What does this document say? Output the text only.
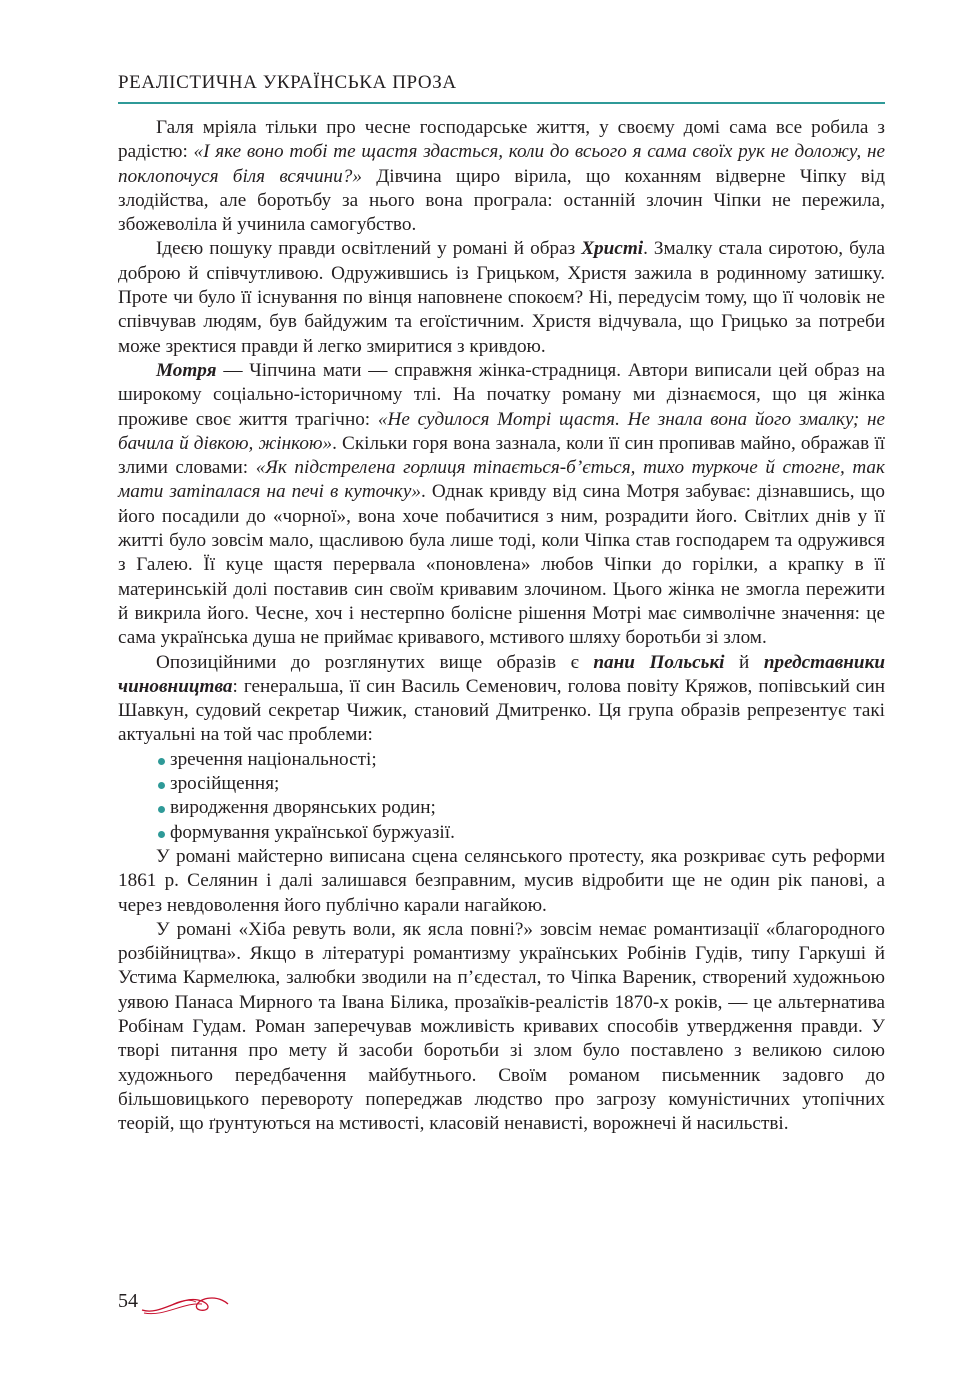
РЕАЛІСТИЧНА УКРАЇНСЬКА ПРОЗА

Галя мріяла тільки про чесне господарське життя, у своєму домі сама все робила з радістю: «І яке воно тобі те щастя здасться, коли до всього я сама своїх рук не доложу, не поклопочуся біля всячини?» Дівчина щиро вірила, що коханням відверне Чіпку від злодійства, але боротьбу за нього вона програла: останній злочин Чіпки не пережила, збожеволіла й учинила самогубство.

Ідеєю пошуку правди освітлений у романі й образ Христі. Змалку стала сиротою, була доброю й співчутливою. Одружившись із Грицьком, Христя зажила в родинному затишку. Проте чи було її існування по вінця наповнене спокоєм? Ні, передусім тому, що її чоловік не співчував людям, був байдужим та егоїстичним. Христя відчувала, що Грицько за потреби може зректися правди й легко змиритися з кривдою.

Мотря — Чіпчина мати — справжня жінка-страдниця. Автори виписали цей образ на широкому соціально-історичному тлі. На початку роману ми дізнаємося, що ця жінка проживе своє життя трагічно: «Не судилося Мотрі щастя. Не знала вона його змалку; не бачила й дівкою, жінкою». Скільки горя вона зазнала, коли її син пропивав майно, ображав її злими словами: «Як підстрелена горлиця тіпається-б’ється, тихо туркоче й стогне, так мати затіпалася на печі в куточку». Однак кривду від сина Мотря забуває: дізнавшись, що його посадили до «чорної», вона хоче побачитися з ним, розрадити його. Світлих днів у її житті було зовсім мало, щасливою була лише тоді, коли Чіпка став господарем та одружився з Галею. Її куце щастя перервала «поновлена» любов Чіпки до горілки, а крапку в її материнській долі поставив син своїм кривавим злочином. Цього жінка не змогла пережити й викрила його. Чесне, хоч і нестерпно болісне рішення Мотрі має символічне значення: це сама українська душа не приймає кривавого, мстивого шляху боротьби зі злом.

Опозиційними до розглянутих вище образів є пани Польські й представники чиновництва: генеральша, її син Василь Семенович, голова повіту Кряжов, попівський син Шавкун, судовий секретар Чижик, становий Дмитренко. Ця група образів репрезентує такі актуальні на той час проблеми:

зречення національності;
зросійщення;
виродження дворянських родин;
формування української буржуазії.

У романі майстерно виписана сцена селянського протесту, яка розкриває суть реформи 1861 р. Селянин і далі залишався безправним, мусив відробити ще не один рік панові, а через невдоволення його публічно карали нагайкою.

У романі «Хіба ревуть воли, як ясла повні?» зовсім немає романтизації «благородного розбійництва». Якщо в літературі романтизму українських Робінів Гудів, типу Гаркуші й Устима Кармелюка, залюбки зводили на п’єдестал, то Чіпка Вареник, створений художньою уявою Панаса Мирного та Івана Білика, прозаїків-реалістів 1870-х років, — це альтернатива Робінам Гудам. Роман заперечував можливість кривавих способів утвердження правди. У творі питання про мету й засоби боротьби зі злом було поставлено з великою силою художнього передбачення майбутнього. Своїм романом письменник задовго до більшовицького перевороту попереджав людство про загрозу комуністичних утопічних теорій, що ґрунтуються на мстивості, класовій ненависті, ворожнечі й насильстві.

54
